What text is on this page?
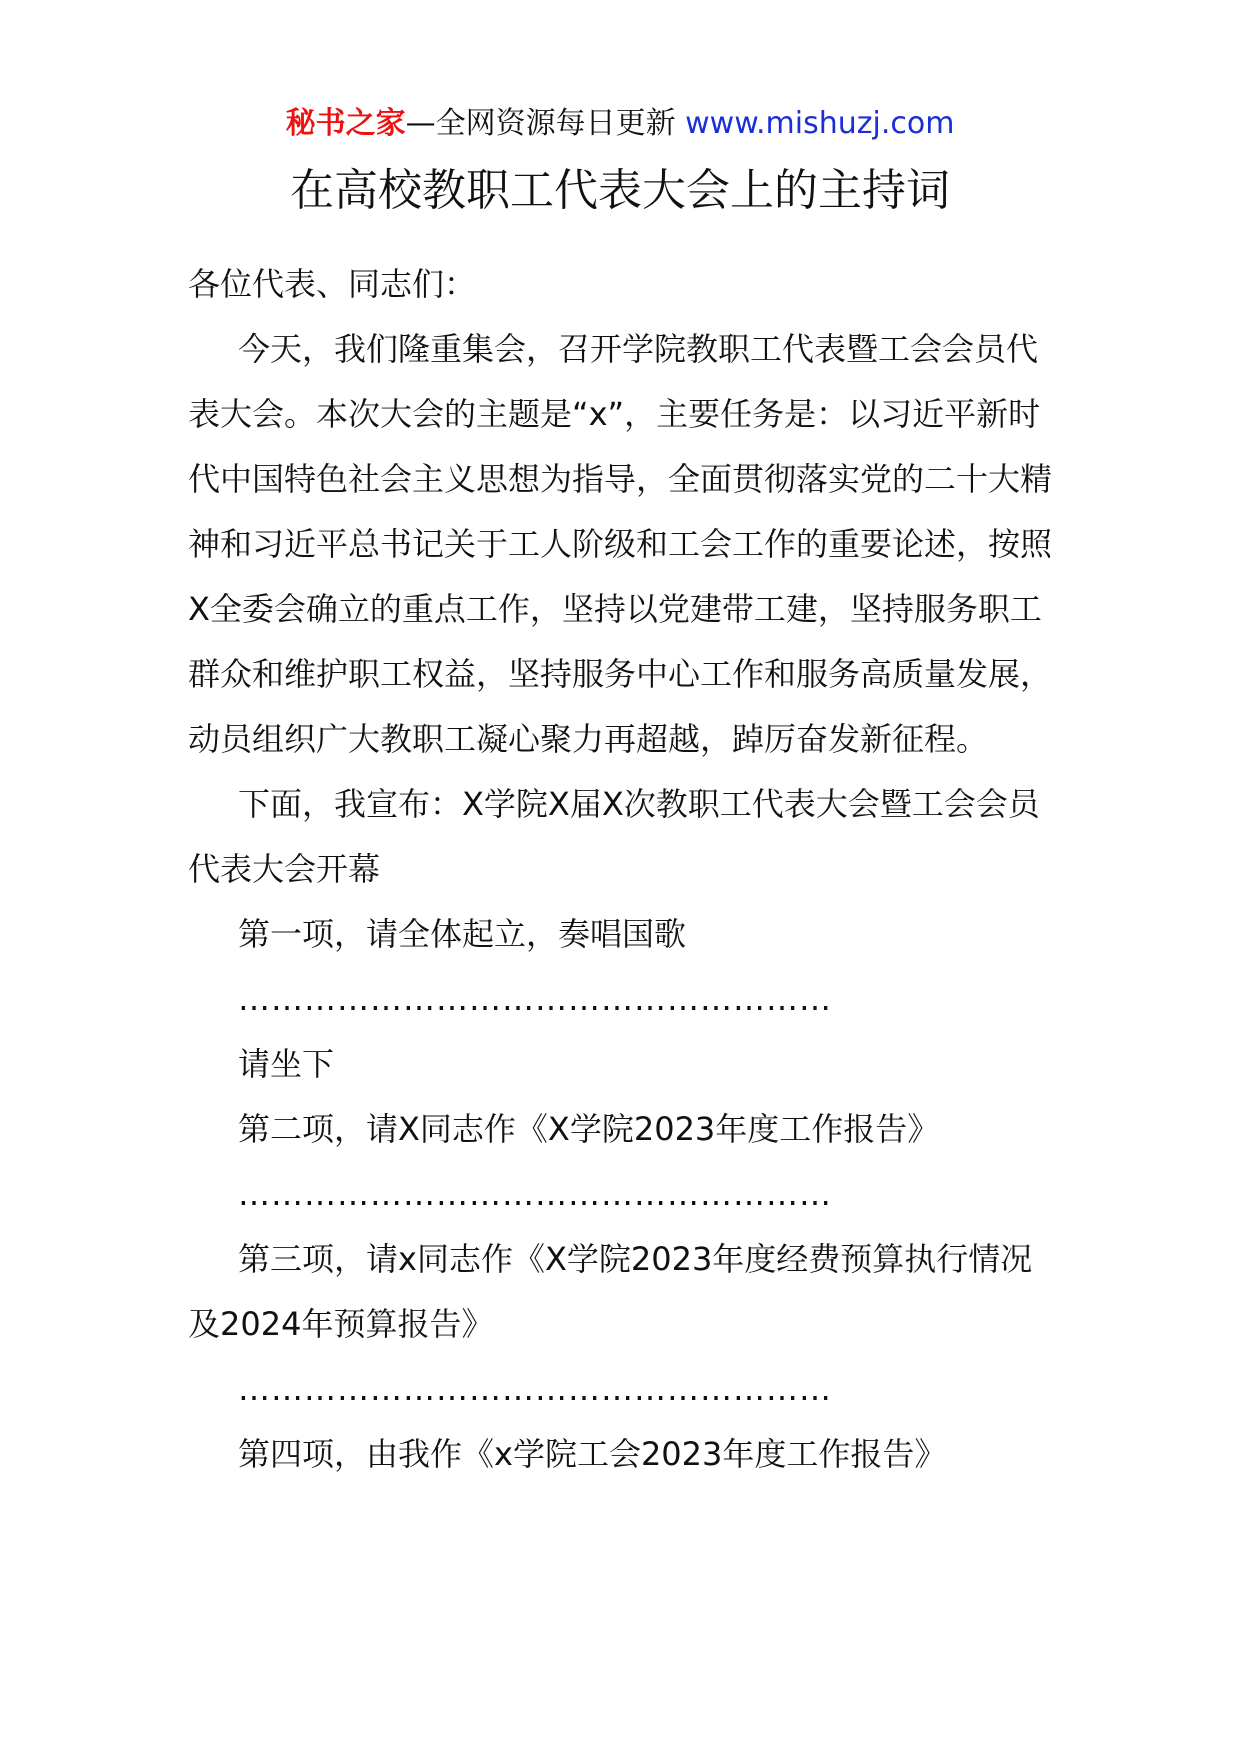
秘书之家—全网资源每日更新 www.mishuzj.com
在高校教职工代表大会上的主持词

各位代表、同志们：

今天，我们隆重集会，召开学院教职工代表暨工会会员代表大会。本次大会的主题是“x”，主要任务是：以习近平新时代中国特色社会主义思想为指导，全面贯彻落实党的二十大精神和习近平总书记关于工人阶级和工会工作的重要论述，按照X全委会确立的重点工作，坚持以党建带工建，坚持服务职工群众和维护职工权益，坚持服务中心工作和服务高质量发展，动员组织广大教职工凝心聚力再超越，踔厉奋发新征程。

下面，我宣布：X学院X届X次教职工代表大会暨工会会员代表大会开幕

第一项，请全体起立，奏唱国歌

………………………………………………

请坐下

第二项，请X同志作《X学院2023年度工作报告》

………………………………………………

第三项，请x同志作《X学院2023年度经费预算执行情况及2024年预算报告》

………………………………………………

第四项，由我作《x学院工会2023年度工作报告》
